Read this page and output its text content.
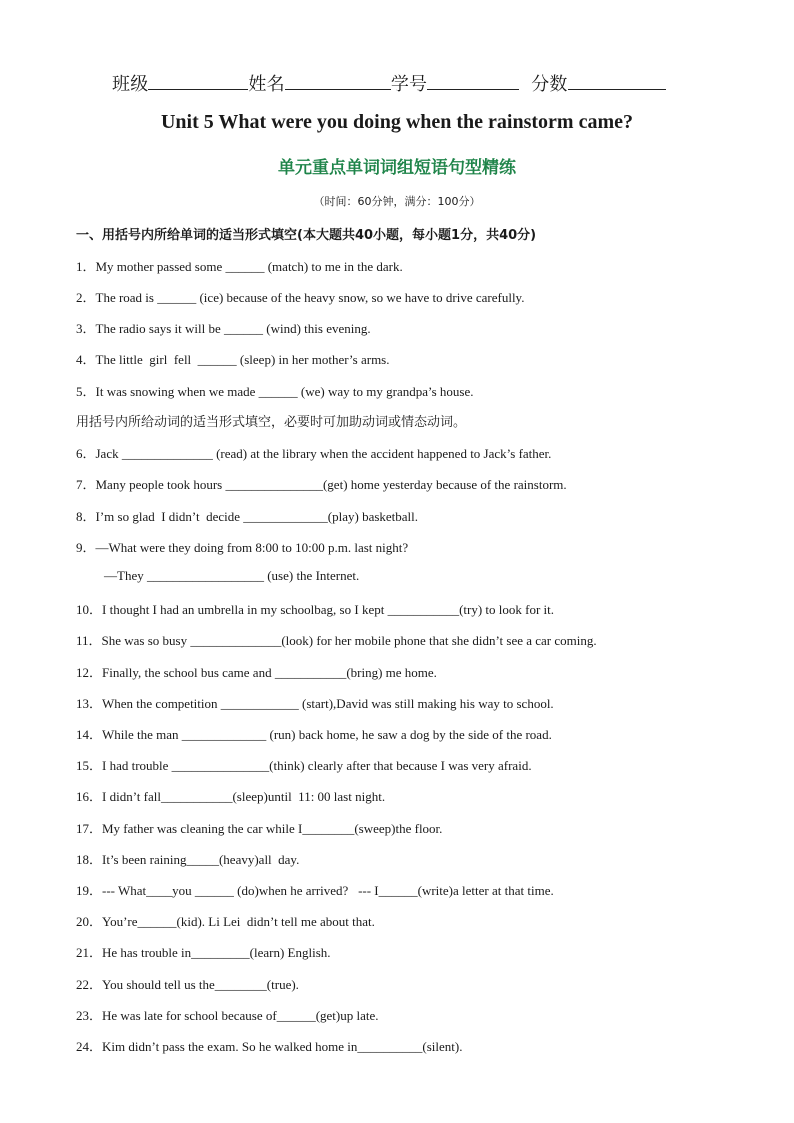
班级	姓名	学号	分数
Unit 5 What were you doing when the rainstorm came?
单元重点单词词组短语句型精练
（时间：60分钟，满分：100分）
一、用括号内所给单词的适当形式填空(本大题共40小题，每小题1分，共40分)
1．My mother passed some ______ (match) to me in the dark.
2．The road is ______ (ice) because of the heavy snow, so we have to drive carefully.
3．The radio says it will be ______ (wind) this evening.
4．The little  girl  fell  ______ (sleep) in her mother’s arms.
5．It was snowing when we made ______ (we) way to my grandpa’s house.
用括号内所给动词的适当形式填空，必要时可加助动词或情态动词。
6．Jack ______________ (read) at the library when the accident happened to Jack’s father.
7．Many people took hours _______________(get) home yesterday because of the rainstorm.
8．I’m so glad  I didn’t  decide _____________(play) basketball.
9．—What were they doing from 8:00 to 10:00 p.m. last night?
—They __________________ (use) the Internet.
10．I thought I had an umbrella in my schoolbag, so I kept ___________(try) to look for it.
11．She was so busy ______________(look) for her mobile phone that she didn’t see a car coming.
12．Finally, the school bus came and ___________(bring) me home.
13．When the competition ____________ (start),David was still making his way to school.
14．While the man _____________ (run) back home, he saw a dog by the side of the road.
15．I had trouble _______________(think) clearly after that because I was very afraid.
16．I didn’t fall___________(sleep)until  11: 00 last night.
17．My father was cleaning the car while I________(sweep)the floor.
18．It’s been raining_____(heavy)all  day.
19．--- What____you ______ (do)when he arrived?   --- I______(write)a letter at that time.
20．You’re______(kid). Li Lei  didn’t tell me about that.
21．He has trouble in_________(learn) English.
22．You should tell us the________(true).
23．He was late for school because of______(get)up late.
24．Kim didn’t pass the exam. So he walked home in__________(silent).
